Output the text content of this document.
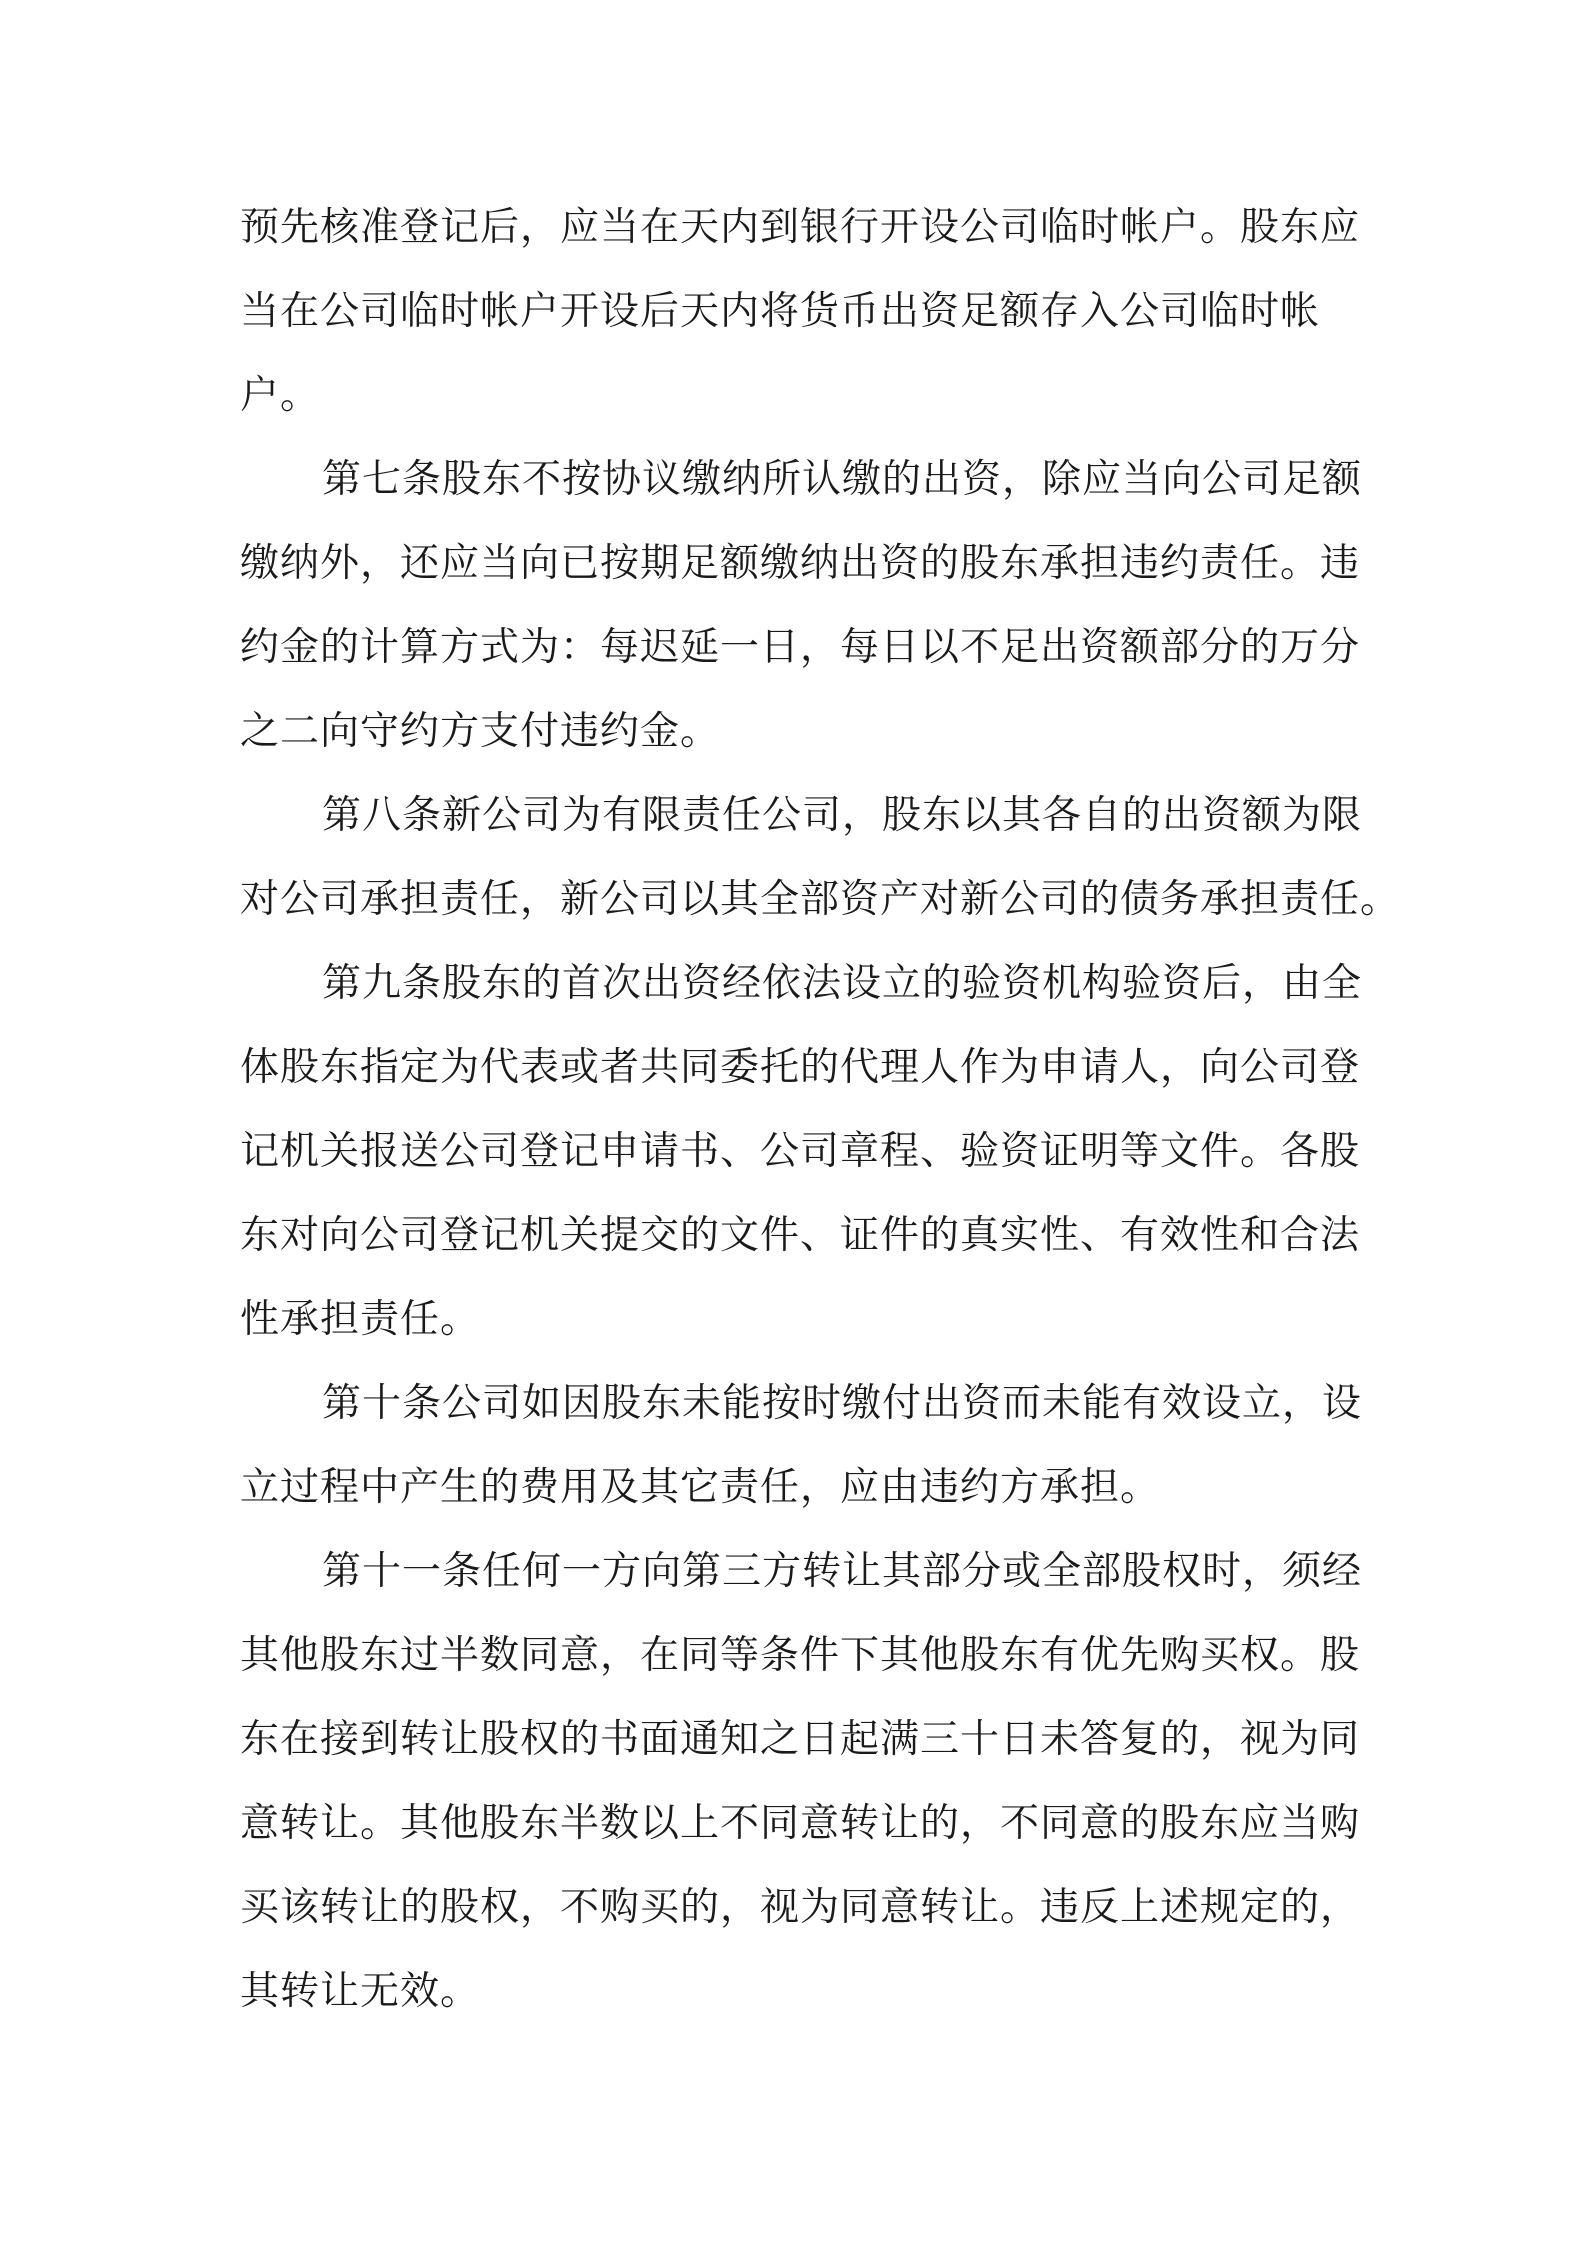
预先核准登记后，应当在天内到银行开设公司临时帐户。股东应
当在公司临时帐户开设后天内将货币出资足额存入公司临时帐
户。
第七条股东不按协议缴纳所认缴的出资，除应当向公司足额
缴纳外，还应当向已按期足额缴纳出资的股东承担违约责任。违
约金的计算方式为：每迟延一日，每日以不足出资额部分的万分
之二向守约方支付违约金。
第八条新公司为有限责任公司，股东以其各自的出资额为限
对公司承担责任，新公司以其全部资产对新公司的债务承担责任。
第九条股东的首次出资经依法设立的验资机构验资后，由全
体股东指定为代表或者共同委托的代理人作为申请人，向公司登
记机关报送公司登记申请书、公司章程、验资证明等文件。各股
东对向公司登记机关提交的文件、证件的真实性、有效性和合法
性承担责任。
第十条公司如因股东未能按时缴付出资而未能有效设立，设
立过程中产生的费用及其它责任，应由违约方承担。
第十一条任何一方向第三方转让其部分或全部股权时，须经
其他股东过半数同意，在同等条件下其他股东有优先购买权。股
东在接到转让股权的书面通知之日起满三十日未答复的，视为同
意转让。其他股东半数以上不同意转让的，不同意的股东应当购
买该转让的股权，不购买的，视为同意转让。违反上述规定的，
其转让无效。
